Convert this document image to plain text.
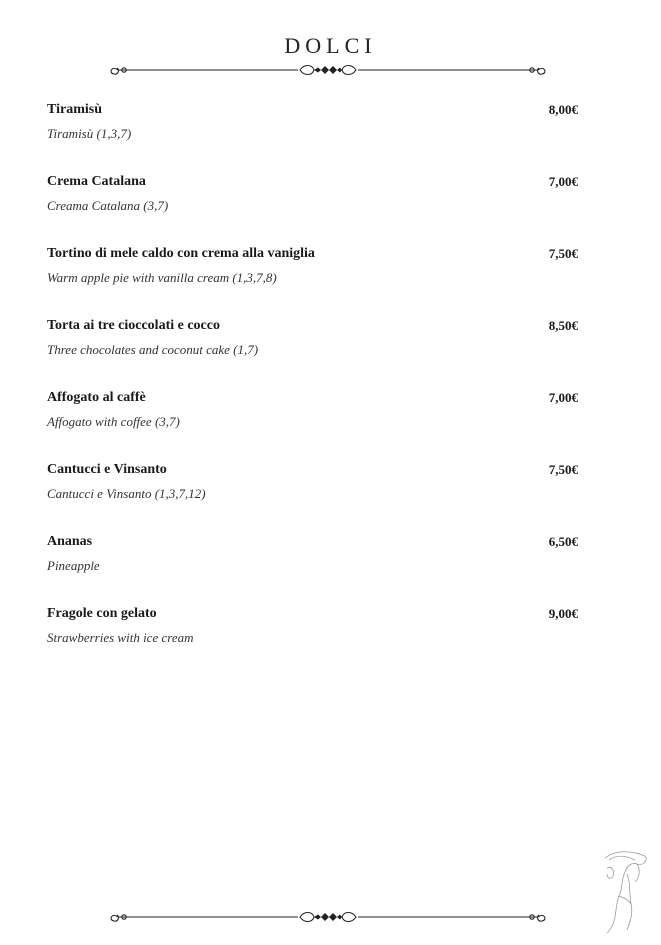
DOLCI
Tiramisù	8,00€
Tiramisù (1,3,7)
Crema Catalana	7,00€
Creama Catalana (3,7)
Tortino di mele caldo con crema alla vaniglia	7,50€
Warm apple pie with vanilla cream (1,3,7,8)
Torta ai tre cioccolati e cocco	8,50€
Three chocolates and coconut cake (1,7)
Affogato al caffè	7,00€
Affogato with coffee (3,7)
Cantucci e Vinsanto	7,50€
Cantucci e Vinsanto (1,3,7,12)
Ananas	6,50€
Pineapple
Fragole con gelato	9,00€
Strawberries with ice cream
